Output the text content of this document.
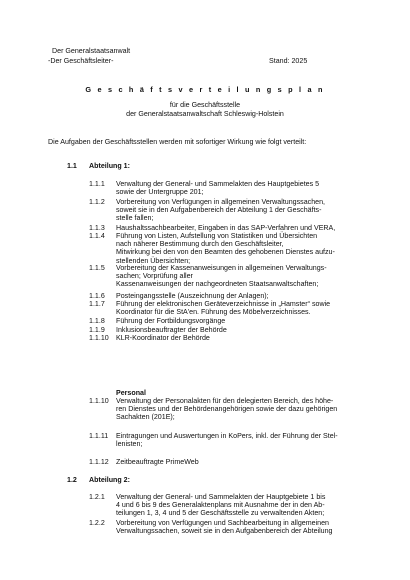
Der Generalstaatsanwalt
-Der Geschäftsleiter-	Stand: 2025
G e s c h ä f t s v e r t e i l u n g s p l a n
für die Geschäftsstelle
der Generalstaatsanwaltschaft Schleswig-Holstein
Die Aufgaben der Geschäftsstellen werden mit sofortiger Wirkung wie folgt verteilt:
1.1 Abteilung 1:
1.1.1 Verwaltung der General- und Sammelakten des Hauptgebietes 5
sowie der Untergruppe 201;
1.1.2 Vorbereitung von Verfügungen in allgemeinen Verwaltungssachen,
soweit sie in den Aufgabenbereich der Abteilung 1 der Geschäfts-
stelle fallen;
1.1.3 Haushaltssachbearbeiter, Eingaben in das SAP-Verfahren und VERA,
1.1.4 Führung von Listen, Aufstellung von Statistiken und Übersichten
nach näherer Bestimmung durch den Geschäftsleiter,
Mitwirkung bei den von den Beamten des gehobenen Dienstes aufzu-
stellenden Übersichten;
1.1.5 Vorbereitung der Kassenanweisungen in allgemeinen Verwaltungs-
sachen; Vorprüfung aller
Kassenanweisungen der nachgeordneten Staatsanwaltschaften;
1.1.6 Posteingangsstelle (Auszeichnung der Anlagen);
1.1.7 Führung der elektronischen Geräteverzeichnisse in „Hamster“ sowie
Koordinator für die StA'en. Führung des Möbelverzeichnisses.
1.1.8 Führung der Fortbildungsvorgänge
1.1.9 Inklusionsbeauftragter der Behörde
1.1.10 KLR-Koordinator der Behörde
Personal
1.1.10 Verwaltung der Personalakten für den delegierten Bereich, des höhe-
ren Dienstes und der Behördenangehörigen sowie der dazu gehörigen
Sachakten (201E);
1.1.11 Eintragungen und Auswertungen in KoPers, inkl. der Führung der Stel-
lenisten;
1.1.12 Zeitbeauftragte PrimeWeb
1.2 Abteilung 2:
1.2.1 Verwaltung der General- und Sammelakten der Hauptgebiete 1 bis
4 und 6 bis 9 des Generalaktenplans mit Ausnahme der in den Ab-
teilungen 1, 3, 4 und 5 der Geschäftsstelle zu verwaltenden Akten;
1.2.2 Vorbereitung von Verfügungen und Sachbearbeitung in allgemeinen
Verwaltungssachen, soweit sie in den Aufgabenbereich der Abteilung
